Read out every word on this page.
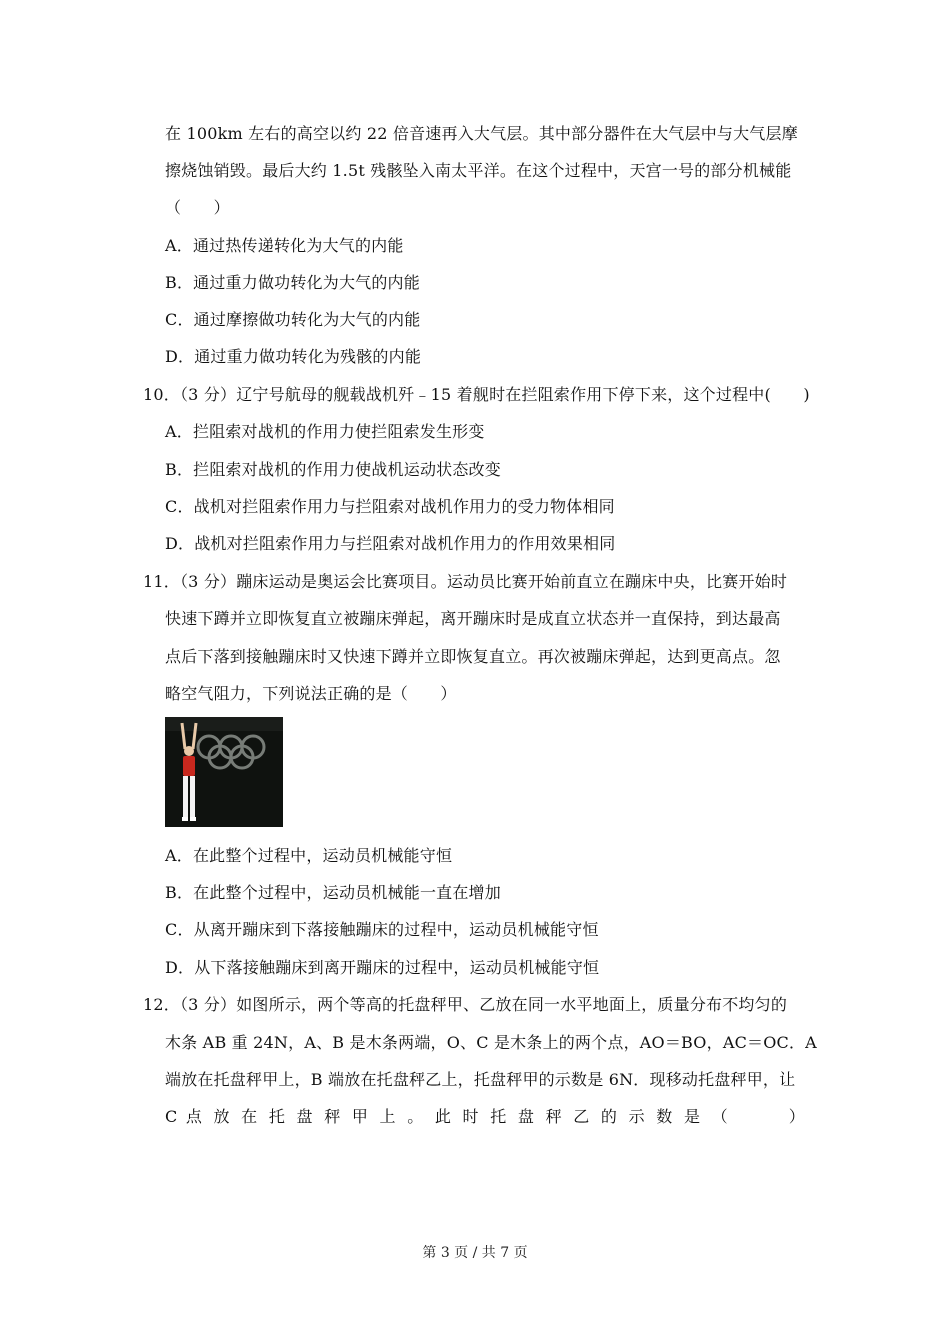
在 100km 左右的高空以约 22 倍音速再入大气层。其中部分器件在大气层中与大气层摩
擦烧蚀销毁。最后大约 1.5t 残骸坠入南太平洋。在这个过程中，天宫一号的部分机械能
（　　）
A．通过热传递转化为大气的内能
B．通过重力做功转化为大气的内能
C．通过摩擦做功转化为大气的内能
D．通过重力做功转化为残骸的内能
10．（3 分）辽宁号航母的舰载战机歼﹣15 着舰时在拦阻索作用下停下来，这个过程中(　　)
A．拦阻索对战机的作用力使拦阻索发生形变
B．拦阻索对战机的作用力使战机运动状态改变
C．战机对拦阻索作用力与拦阻索对战机作用力的受力物体相同
D．战机对拦阻索作用力与拦阻索对战机作用力的作用效果相同
11．（3 分）蹦床运动是奥运会比赛项目。运动员比赛开始前直立在蹦床中央，比赛开始时
快速下蹲并立即恢复直立被蹦床弹起，离开蹦床时是成直立状态并一直保持，到达最高
点后下落到接触蹦床时又快速下蹲并立即恢复直立。再次被蹦床弹起，达到更高点。忽
略空气阻力，下列说法正确的是（　　）
A．在此整个过程中，运动员机械能守恒
B．在此整个过程中，运动员机械能一直在增加
C．从离开蹦床到下落接触蹦床的过程中，运动员机械能守恒
D．从下落接触蹦床到离开蹦床的过程中，运动员机械能守恒
12．（3 分）如图所示，两个等高的托盘秤甲、乙放在同一水平地面上，质量分布不均匀的
木条 AB 重 24N，A、B 是木条两端，O、C 是木条上的两个点，AO＝BO，AC＝OC．A
端放在托盘秤甲上，B 端放在托盘秤乙上，托盘秤甲的示数是 6N．现移动托盘秤甲，让
C 点 放 在 托 盘 秤 甲 上 。 此 时 托 盘 秤 乙 的 示 数 是 （　　　）
第 3 页 / 共 7 页
